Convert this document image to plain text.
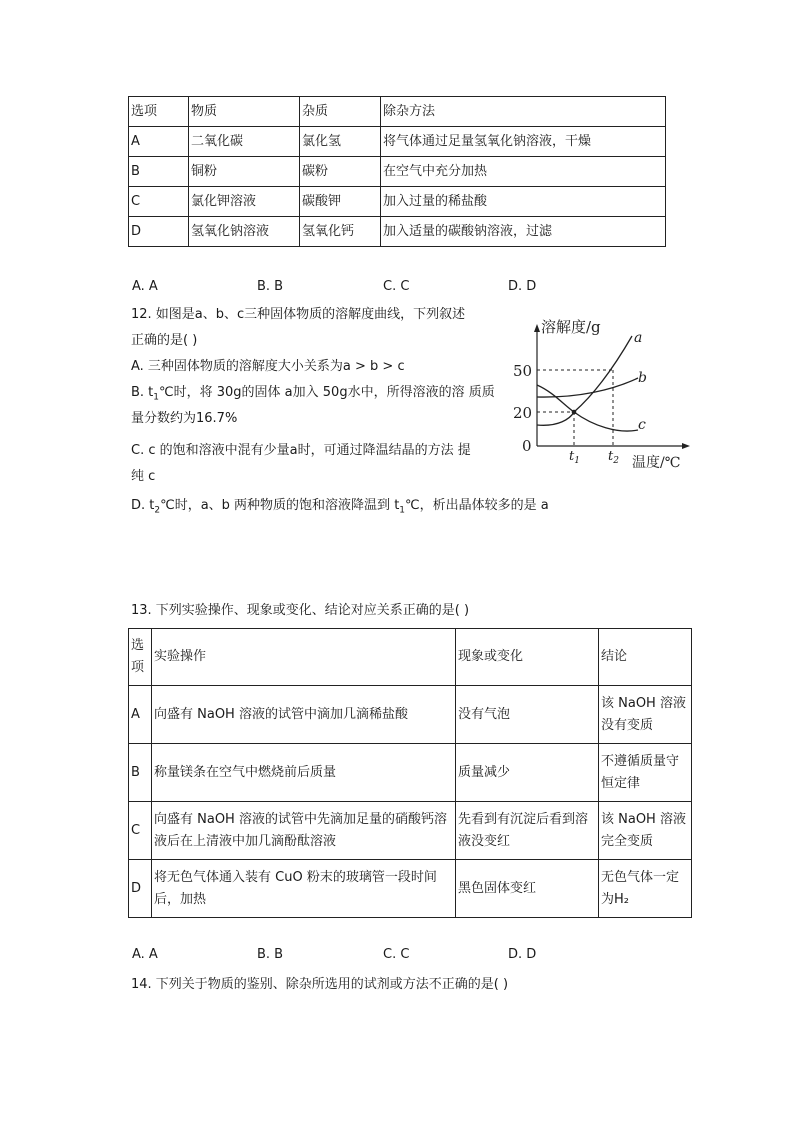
选项	物质	杂质	除杂方法
A	二氧化碳	氯化氢	将气体通过足量氢氧化钠溶液，干燥
B	铜粉	碳粉	在空气中充分加热
C	氯化钾溶液	碳酸钾	加入过量的稀盐酸
D	氢氧化钠溶液	氢氧化钙	加入适量的碳酸钠溶液，过滤
A. A	B. B	C. C	D. D
12. 如图是a、b、c三种固体物质的溶解度曲线，下列叙述
正确的是( )
A. 三种固体物质的溶解度大小关系为a > b > c
B. $t_1℃$时，将 30g的固体 a加入 50g水中，所得溶液的溶 质质
量分数约为16.7%
C. c 的饱和溶液中混有少量a时，可通过降温结晶的方法 提
纯 c
D. $t_2℃$时，a、b 两种物质的饱和溶液降温到 $t_1℃$，析出晶体较多的是 a
溶解度/g
50
20
0
a
b
c
$t_1$ $t_2$ 温度/℃
13. 下列实验操作、现象或变化、结论对应关系正确的是( )
选
项	实验操作	现象或变化	结论
A	向盛有 NaOH 溶液的试管中滴加几滴稀盐酸	没有气泡	该 NaOH 溶液没有变质
B	称量镁条在空气中燃烧前后质量	质量减少	不遵循质量守恒定律
C	向盛有 NaOH 溶液的试管中先滴加足量的硝酸钙溶液后在上清液中加几滴酚酞溶液	先看到有沉淀后看到溶液没变红	该 NaOH 溶液完全变质
D	将无色气体通入装有 CuO 粉末的玻璃管一段时间后，加热	黑色固体变红	无色气体一定为H₂
A. A	B. B	C. C	D. D
14. 下列关于物质的鉴别、除杂所选用的试剂或方法不正确的是( )
